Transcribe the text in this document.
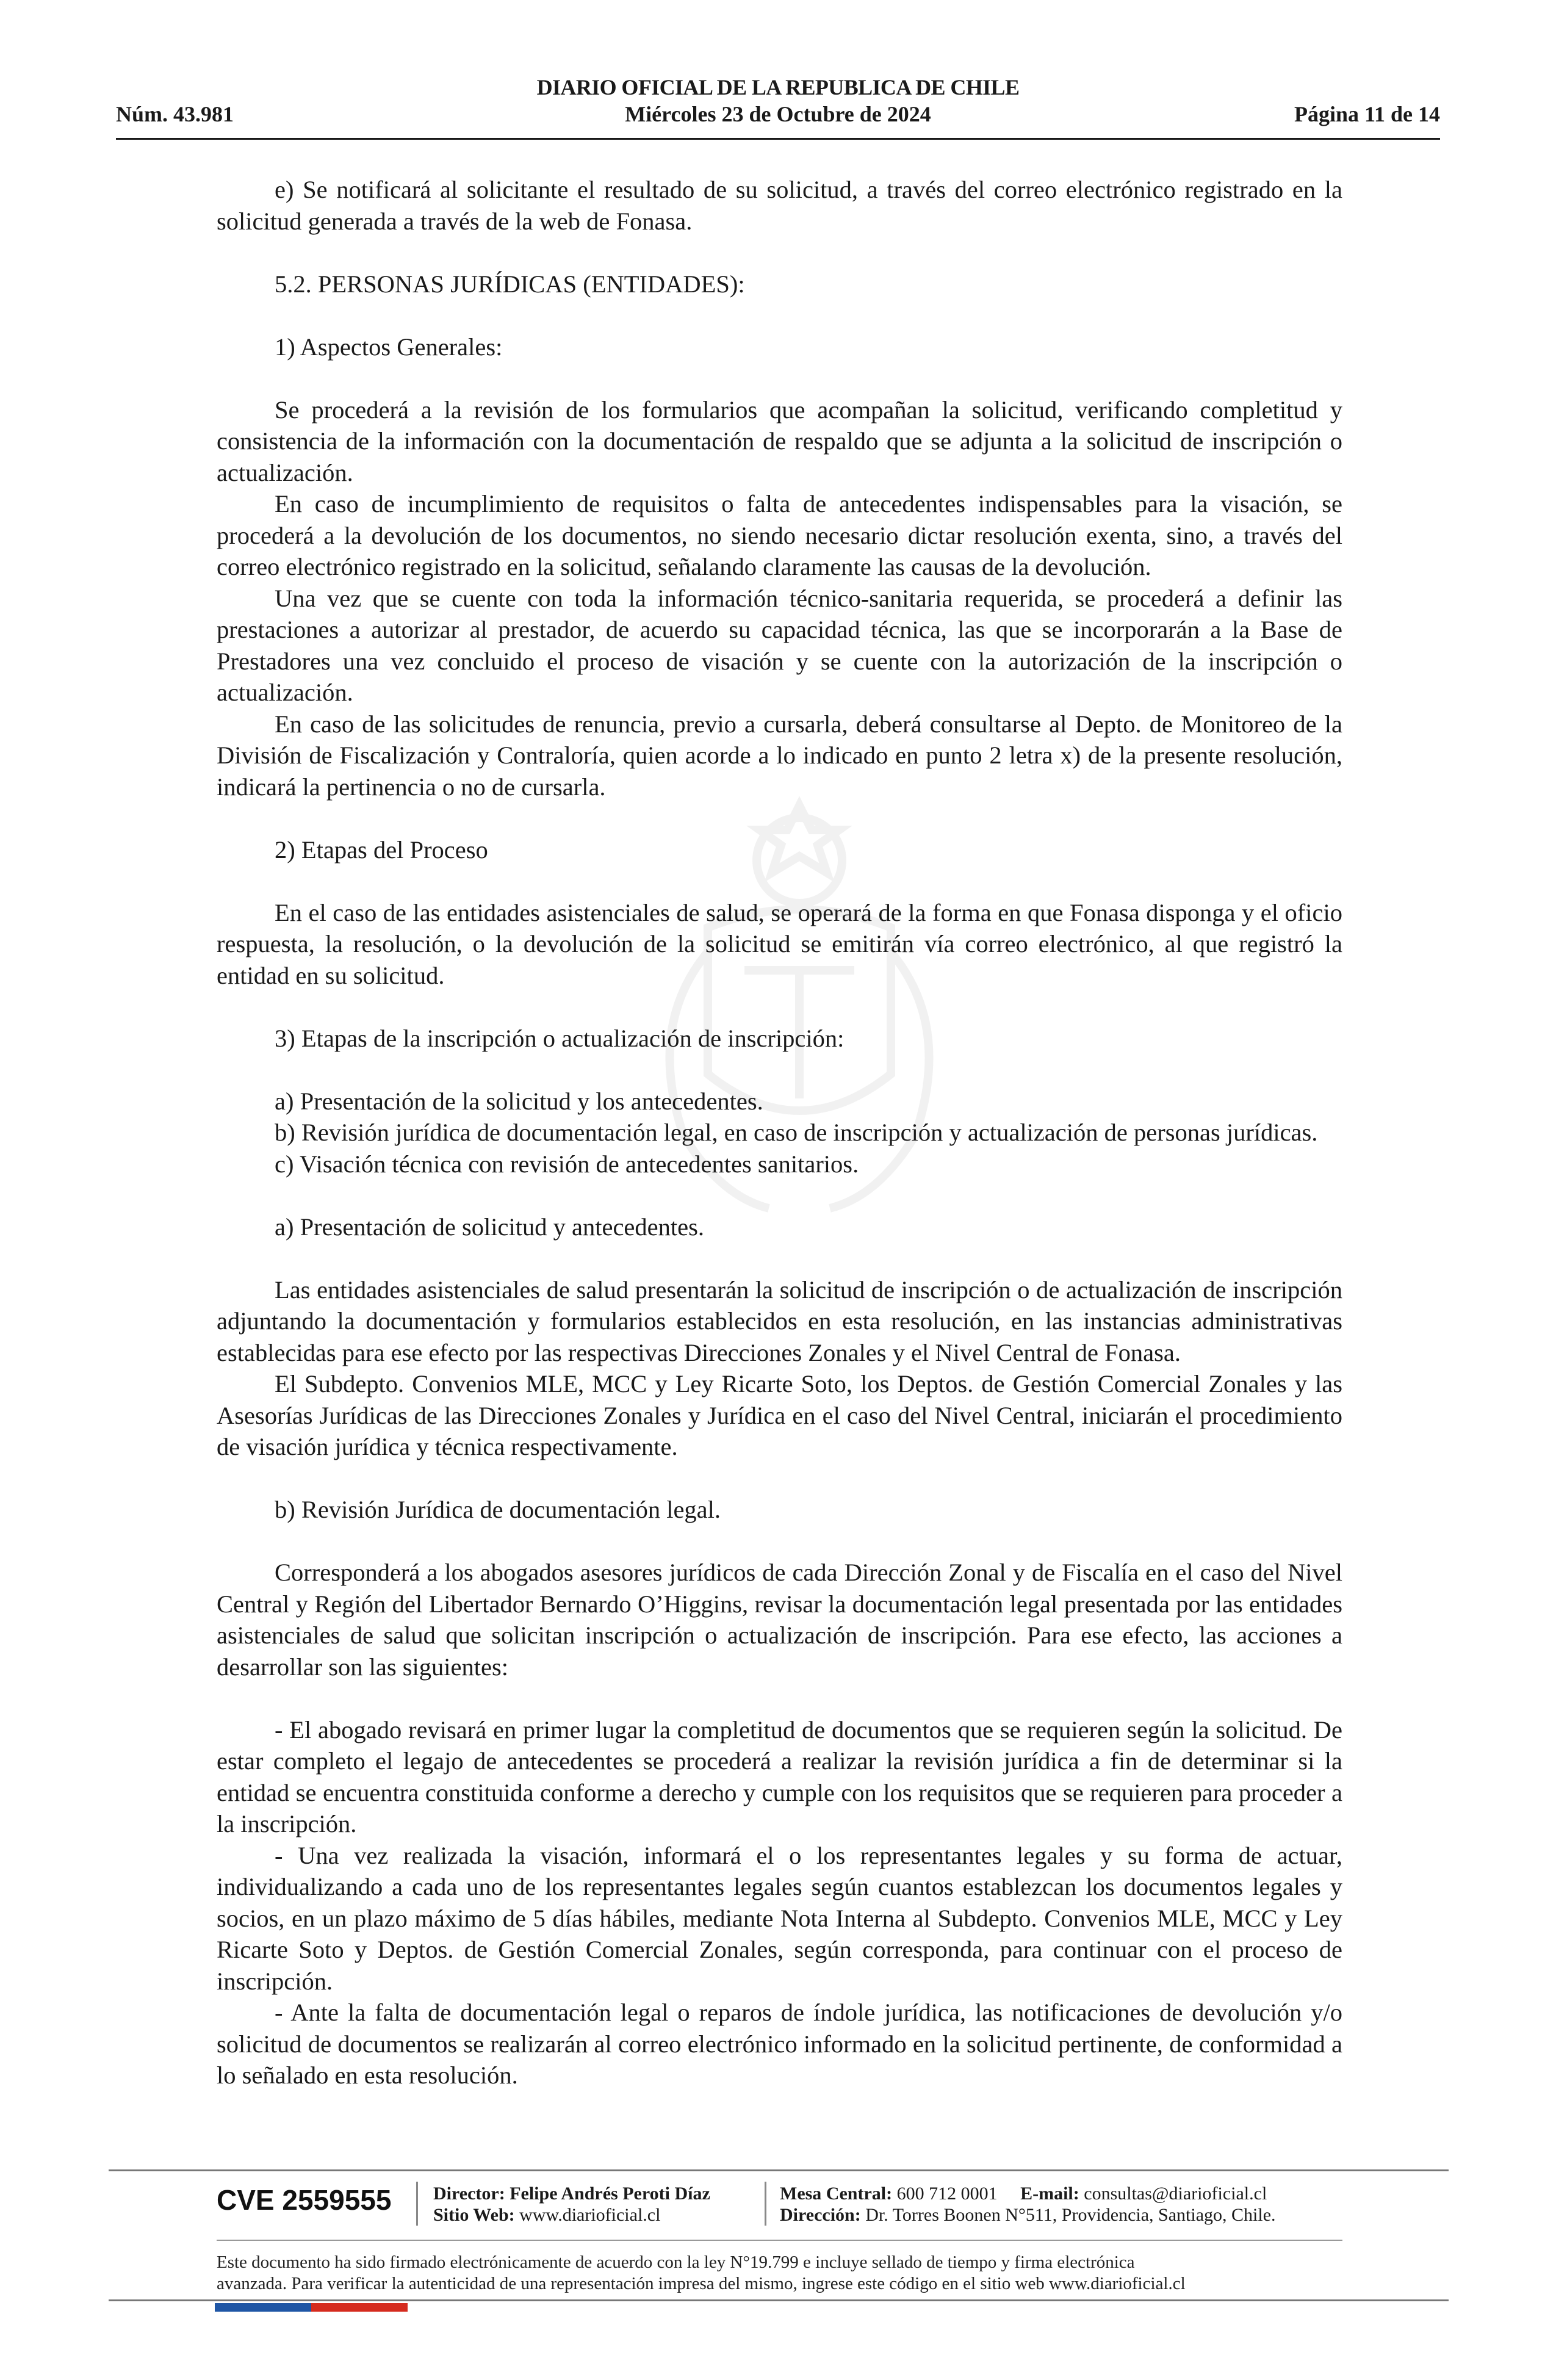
DIARIO OFICIAL DE LA REPUBLICA DE CHILE
Núm. 43.981	Miércoles 23 de Octubre de 2024	Página 11 de 14

e) Se notificará al solicitante el resultado de su solicitud, a través del correo electrónico registrado en la solicitud generada a través de la web de Fonasa.

5.2. PERSONAS JURÍDICAS (ENTIDADES):

1) Aspectos Generales:

Se procederá a la revisión de los formularios que acompañan la solicitud, verificando completitud y consistencia de la información con la documentación de respaldo que se adjunta a la solicitud de inscripción o actualización.

En caso de incumplimiento de requisitos o falta de antecedentes indispensables para la visación, se procederá a la devolución de los documentos, no siendo necesario dictar resolución exenta, sino, a través del correo electrónico registrado en la solicitud, señalando claramente las causas de la devolución.

Una vez que se cuente con toda la información técnico-sanitaria requerida, se procederá a definir las prestaciones a autorizar al prestador, de acuerdo su capacidad técnica, las que se incorporarán a la Base de Prestadores una vez concluido el proceso de visación y se cuente con la autorización de la inscripción o actualización.

En caso de las solicitudes de renuncia, previo a cursarla, deberá consultarse al Depto. de Monitoreo de la División de Fiscalización y Contraloría, quien acorde a lo indicado en punto 2 letra x) de la presente resolución, indicará la pertinencia o no de cursarla.

2) Etapas del Proceso

En el caso de las entidades asistenciales de salud, se operará de la forma en que Fonasa disponga y el oficio respuesta, la resolución, o la devolución de la solicitud se emitirán vía correo electrónico, al que registró la entidad en su solicitud.

3) Etapas de la inscripción o actualización de inscripción:

a) Presentación de la solicitud y los antecedentes.

b) Revisión jurídica de documentación legal, en caso de inscripción y actualización de personas jurídicas.

c) Visación técnica con revisión de antecedentes sanitarios.

a) Presentación de solicitud y antecedentes.

Las entidades asistenciales de salud presentarán la solicitud de inscripción o de actualización de inscripción adjuntando la documentación y formularios establecidos en esta resolución, en las instancias administrativas establecidas para ese efecto por las respectivas Direcciones Zonales y el Nivel Central de Fonasa.

El Subdepto. Convenios MLE, MCC y Ley Ricarte Soto, los Deptos. de Gestión Comercial Zonales y las Asesorías Jurídicas de las Direcciones Zonales y Jurídica en el caso del Nivel Central, iniciarán el procedimiento de visación jurídica y técnica respectivamente.

b) Revisión Jurídica de documentación legal.

Corresponderá a los abogados asesores jurídicos de cada Dirección Zonal y de Fiscalía en el caso del Nivel Central y Región del Libertador Bernardo O’Higgins, revisar la documentación legal presentada por las entidades asistenciales de salud que solicitan inscripción o actualización de inscripción. Para ese efecto, las acciones a desarrollar son las siguientes:

- El abogado revisará en primer lugar la completitud de documentos que se requieren según la solicitud. De estar completo el legajo de antecedentes se procederá a realizar la revisión jurídica a fin de determinar si la entidad se encuentra constituida conforme a derecho y cumple con los requisitos que se requieren para proceder a la inscripción.

- Una vez realizada la visación, informará el o los representantes legales y su forma de actuar, individualizando a cada uno de los representantes legales según cuantos establezcan los documentos legales y socios, en un plazo máximo de 5 días hábiles, mediante Nota Interna al Subdepto. Convenios MLE, MCC y Ley Ricarte Soto y Deptos. de Gestión Comercial Zonales, según corresponda, para continuar con el proceso de inscripción.

- Ante la falta de documentación legal o reparos de índole jurídica, las notificaciones de devolución y/o solicitud de documentos se realizarán al correo electrónico informado en la solicitud pertinente, de conformidad a lo señalado en esta resolución.

CVE 2559555 Director: Felipe Andrés Peroti Díaz
Sitio Web: www.diarioficial.cl
Mesa Central: 600 712 0001 E-mail: consultas@diarioficial.cl
Dirección: Dr. Torres Boonen N°511, Providencia, Santiago, Chile.
Este documento ha sido firmado electrónicamente de acuerdo con la ley N°19.799 e incluye sellado de tiempo y firma electrónica
avanzada. Para verificar la autenticidad de una representación impresa del mismo, ingrese este código en el sitio web www.diarioficial.cl
